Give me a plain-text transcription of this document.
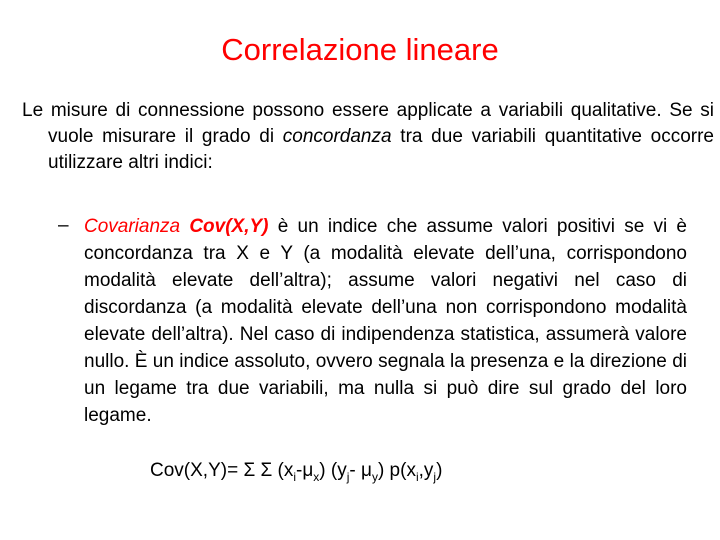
Correlazione lineare
Le misure di connessione possono essere applicate a variabili qualitative. Se si vuole misurare il grado di concordanza tra due variabili quantitative occorre utilizzare altri indici:
– Covarianza Cov(X,Y) è un indice che assume valori positivi se vi è concordanza tra X e Y (a modalità elevate dell’una, corrispondono modalità elevate dell’altra); assume valori negativi nel caso di discordanza (a modalità elevate dell’una non corrispondono modalità elevate dell’altra). Nel caso di indipendenza statistica, assumerà valore nullo. È un indice assoluto, ovvero segnala la presenza e la direzione di un legame tra due variabili, ma nulla si può dire sul grado del loro legame.
Cov(X,Y)= Σ Σ $(x_i-\mu_x)$ ($y_j-$ $\mu_y$) $p(x_i,y_j)$
